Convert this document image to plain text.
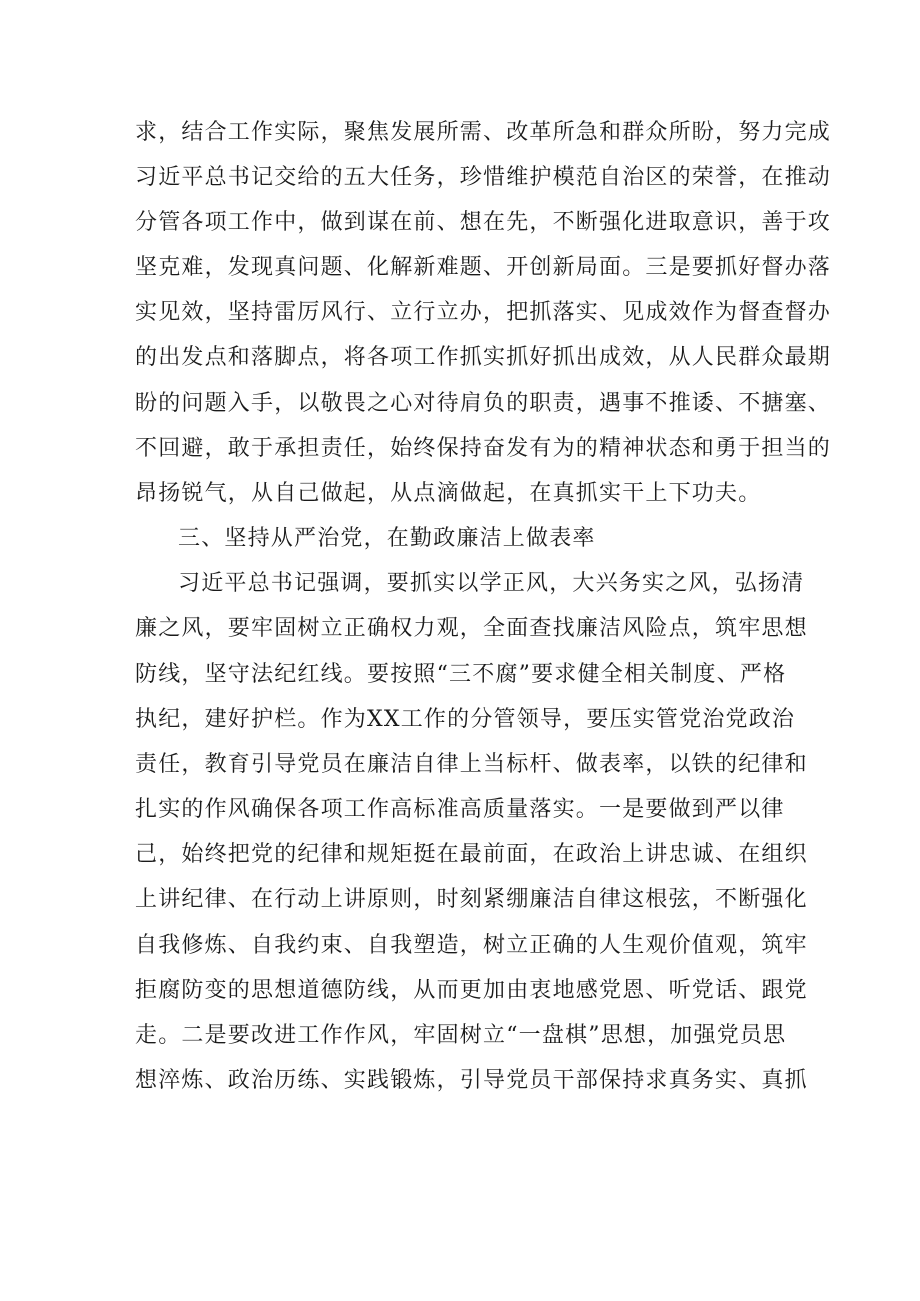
求，结合工作实际，聚焦发展所需、改革所急和群众所盼，努力完成
习近平总书记交给的五大任务，珍惜维护模范自治区的荣誉，在推动
分管各项工作中，做到谋在前、想在先，不断强化进取意识，善于攻
坚克难，发现真问题、化解新难题、开创新局面。三是要抓好督办落
实见效，坚持雷厉风行、立行立办，把抓落实、见成效作为督查督办
的出发点和落脚点，将各项工作抓实抓好抓出成效，从人民群众最期
盼的问题入手，以敬畏之心对待肩负的职责，遇事不推诿、不搪塞、
不回避，敢于承担责任，始终保持奋发有为的精神状态和勇于担当的
昂扬锐气，从自己做起，从点滴做起，在真抓实干上下功夫。
三、坚持从严治党，在勤政廉洁上做表率
习近平总书记强调，要抓实以学正风，大兴务实之风，弘扬清
廉之风，要牢固树立正确权力观，全面查找廉洁风险点，筑牢思想
防线，坚守法纪红线。要按照“三不腐”要求健全相关制度、严格
执纪，建好护栏。作为XX工作的分管领导，要压实管党治党政治
责任，教育引导党员在廉洁自律上当标杆、做表率，以铁的纪律和
扎实的作风确保各项工作高标准高质量落实。一是要做到严以律
己，始终把党的纪律和规矩挺在最前面，在政治上讲忠诚、在组织
上讲纪律、在行动上讲原则，时刻紧绷廉洁自律这根弦，不断强化
自我修炼、自我约束、自我塑造，树立正确的人生观价值观，筑牢
拒腐防变的思想道德防线，从而更加由衷地感党恩、听党话、跟党
走。二是要改进工作作风，牢固树立“一盘棋”思想，加强党员思
想淬炼、政治历练、实践锻炼，引导党员干部保持求真务实、真抓
